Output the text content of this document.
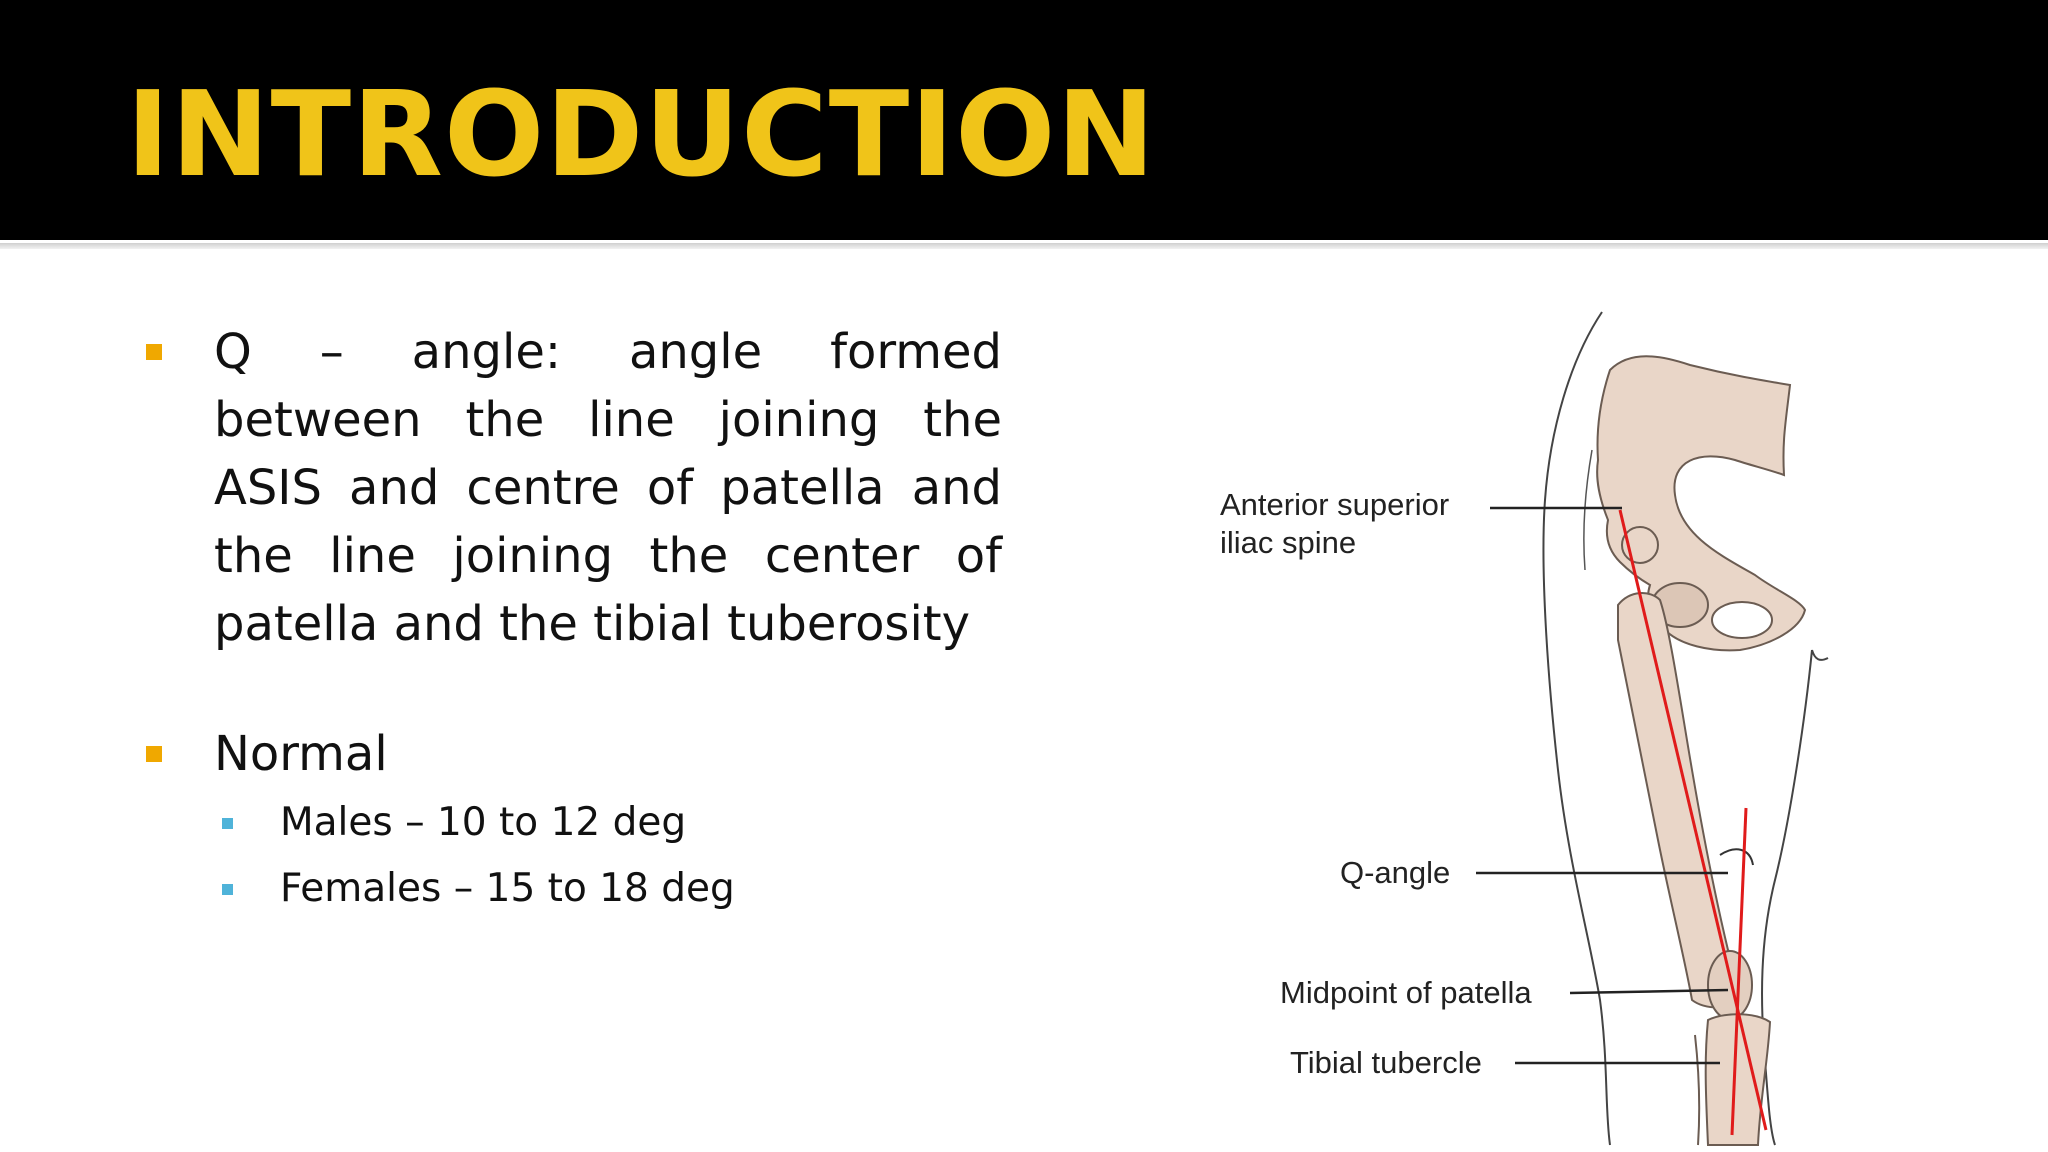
INTRODUCTION
Q – angle: angle formed between the line joining the ASIS and centre of patella and the line joining the center of patella and the tibial tuberosity
Normal
Males – 10 to 12 deg
Females – 15 to 18 deg
Anterior superior
iliac spine
Q-angle
Midpoint of patella
Tibial tubercle
